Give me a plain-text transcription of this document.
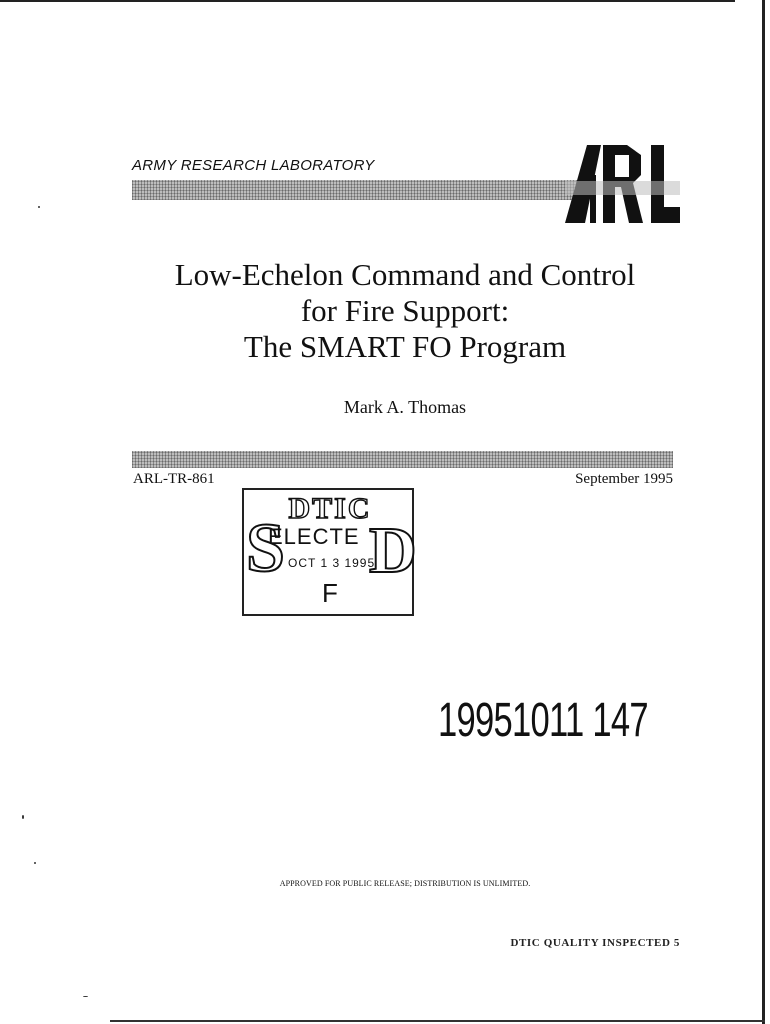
ARMY RESEARCH LABORATORY
Low-Echelon Command and Control
for Fire Support:
The SMART FO Program
Mark A. Thomas
ARL-TR-861	September 1995
S D
DTIC
ELECTE
OCT 1 3 1995
F
19951011 147
APPROVED FOR PUBLIC RELEASE; DISTRIBUTION IS UNLIMITED.
DTIC QUALITY INSPECTED 5
